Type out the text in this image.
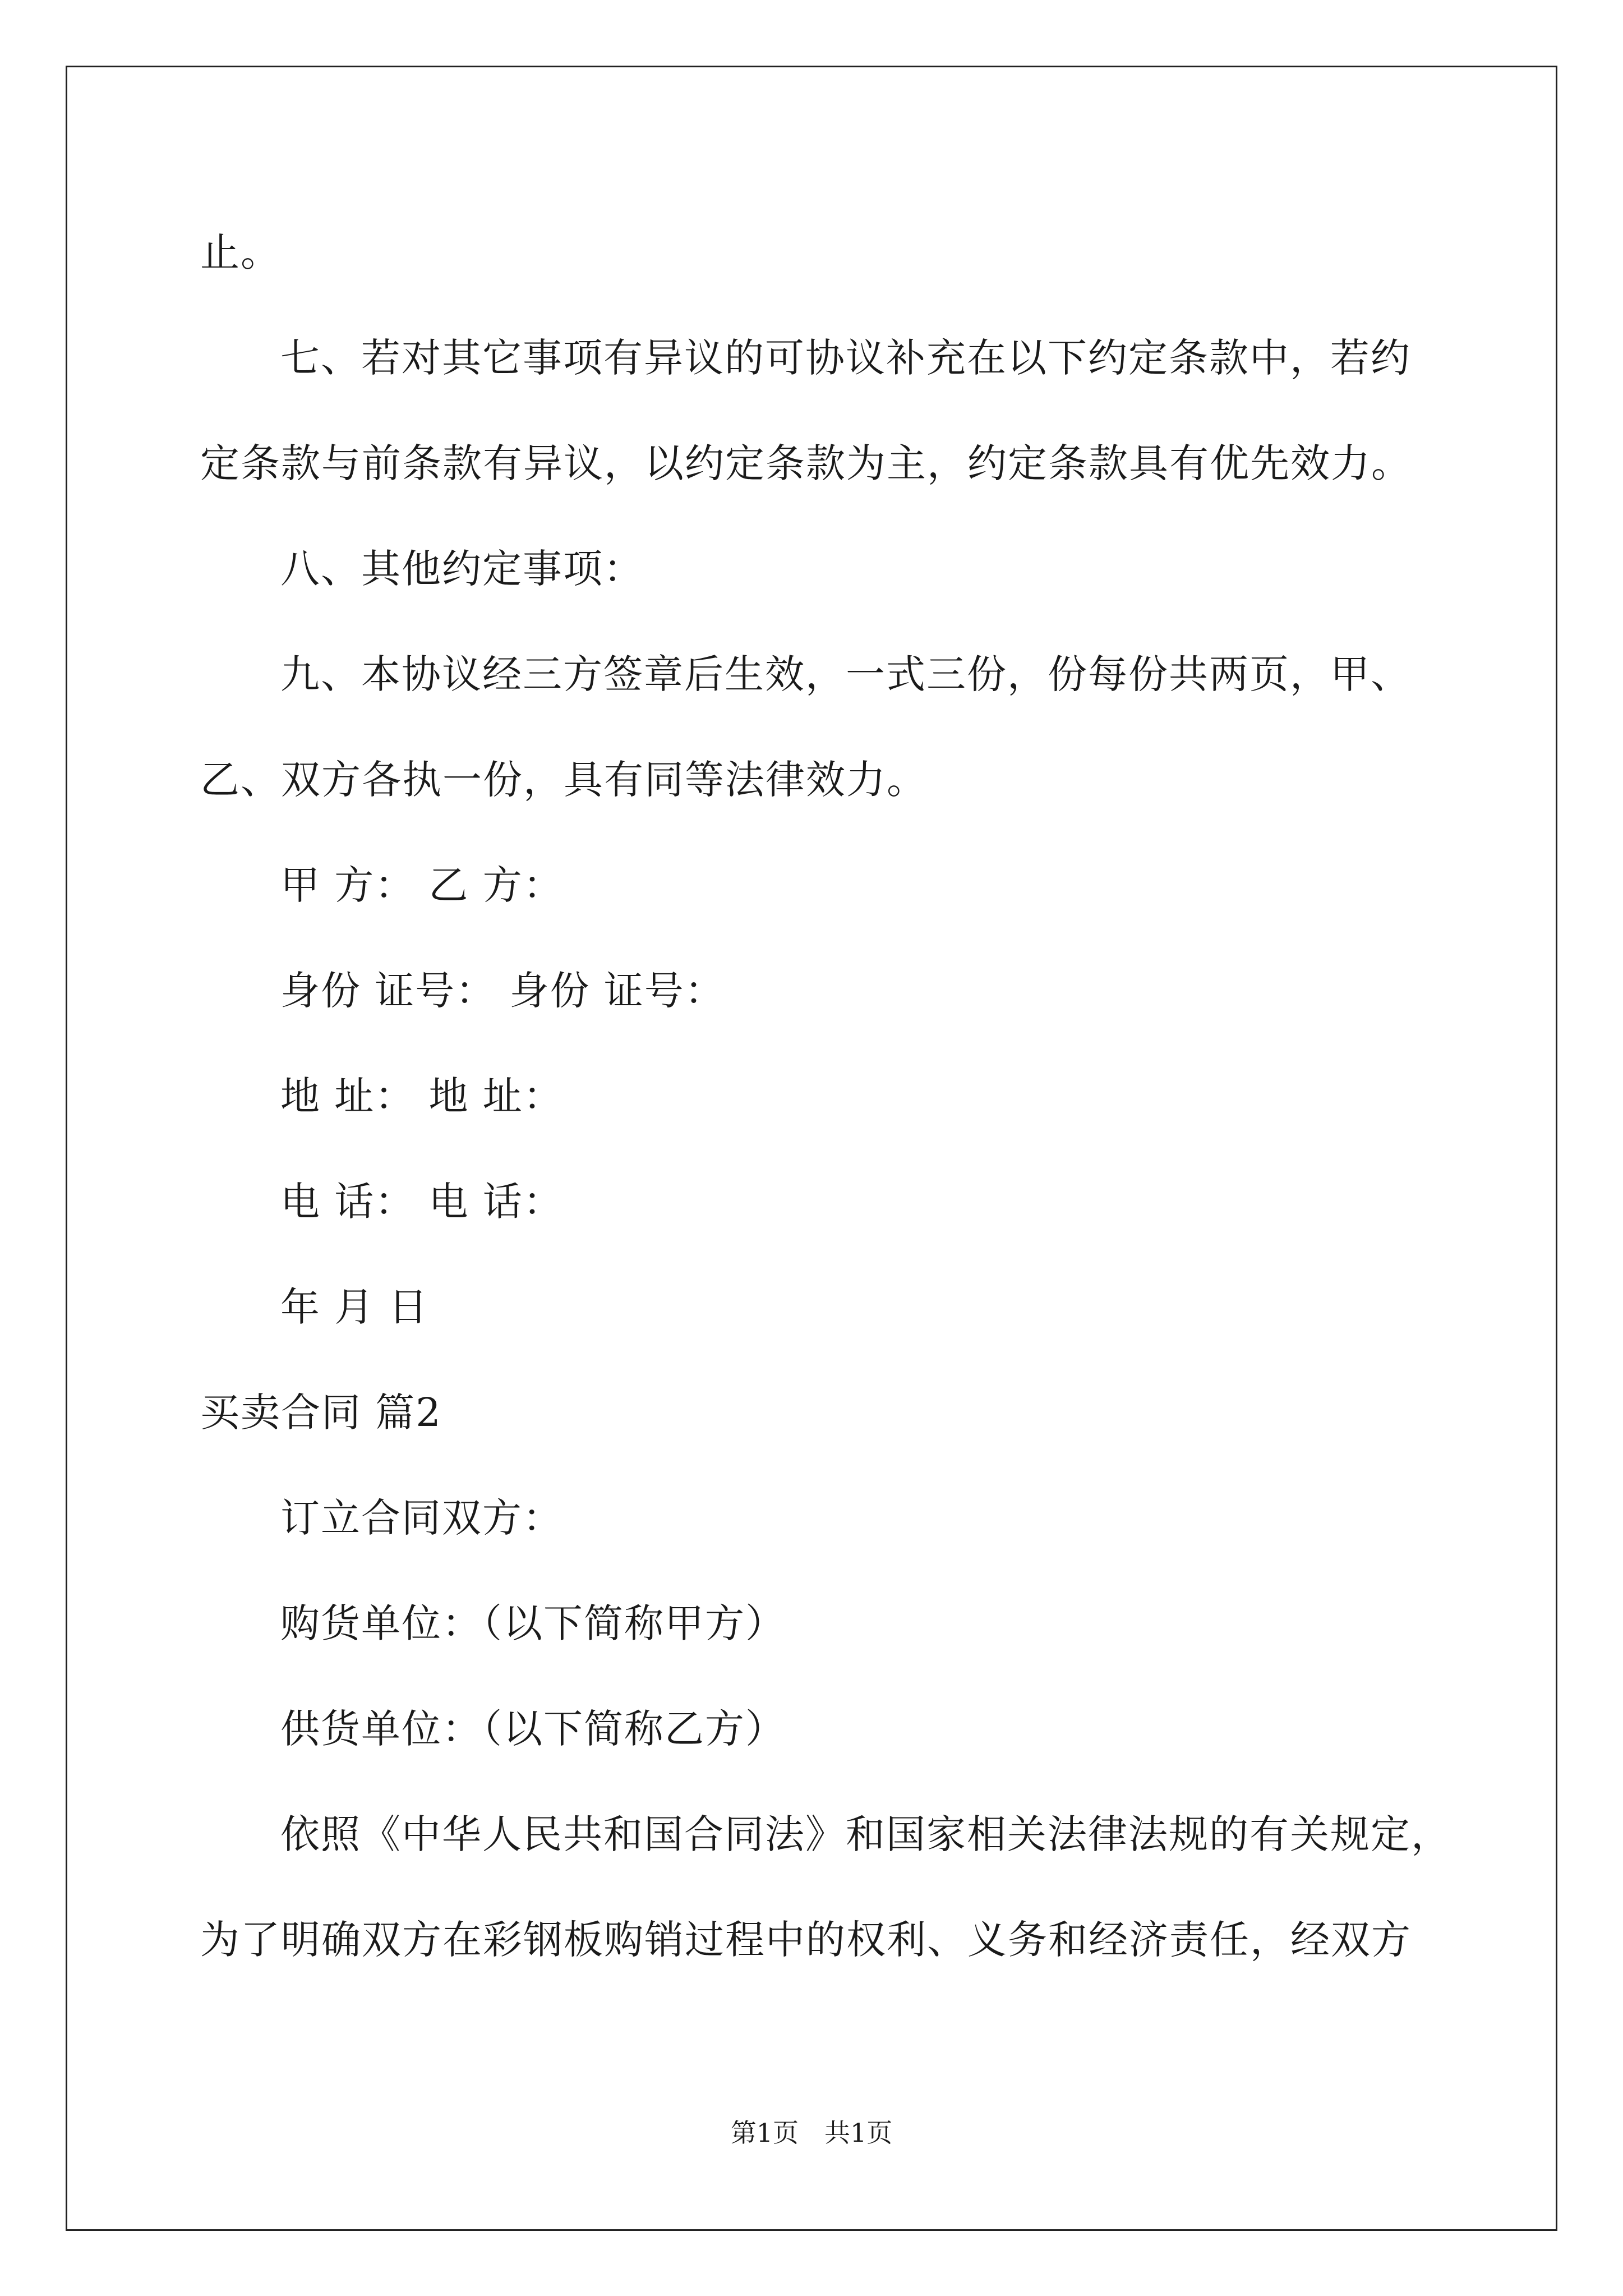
止。
七、若对其它事项有异议的可协议补充在以下约定条款中，若约
定条款与前条款有异议，以约定条款为主，约定条款具有优先效力。
八、其他约定事项：
九、本协议经三方签章后生效，一式三份，份每份共两页，甲、
乙、双方各执一份，具有同等法律效力。
甲 方： 乙 方：
身份 证号： 身份 证号：
地 址： 地 址：
电 话： 电 话：
年 月 日
买卖合同 篇2
订立合同双方：
购货单位：（以下简称甲方）
供货单位：（以下简称乙方）
依照《中华人民共和国合同法》和国家相关法律法规的有关规定，
为了明确双方在彩钢板购销过程中的权利、义务和经济责任，经双方
第1页　共1页
